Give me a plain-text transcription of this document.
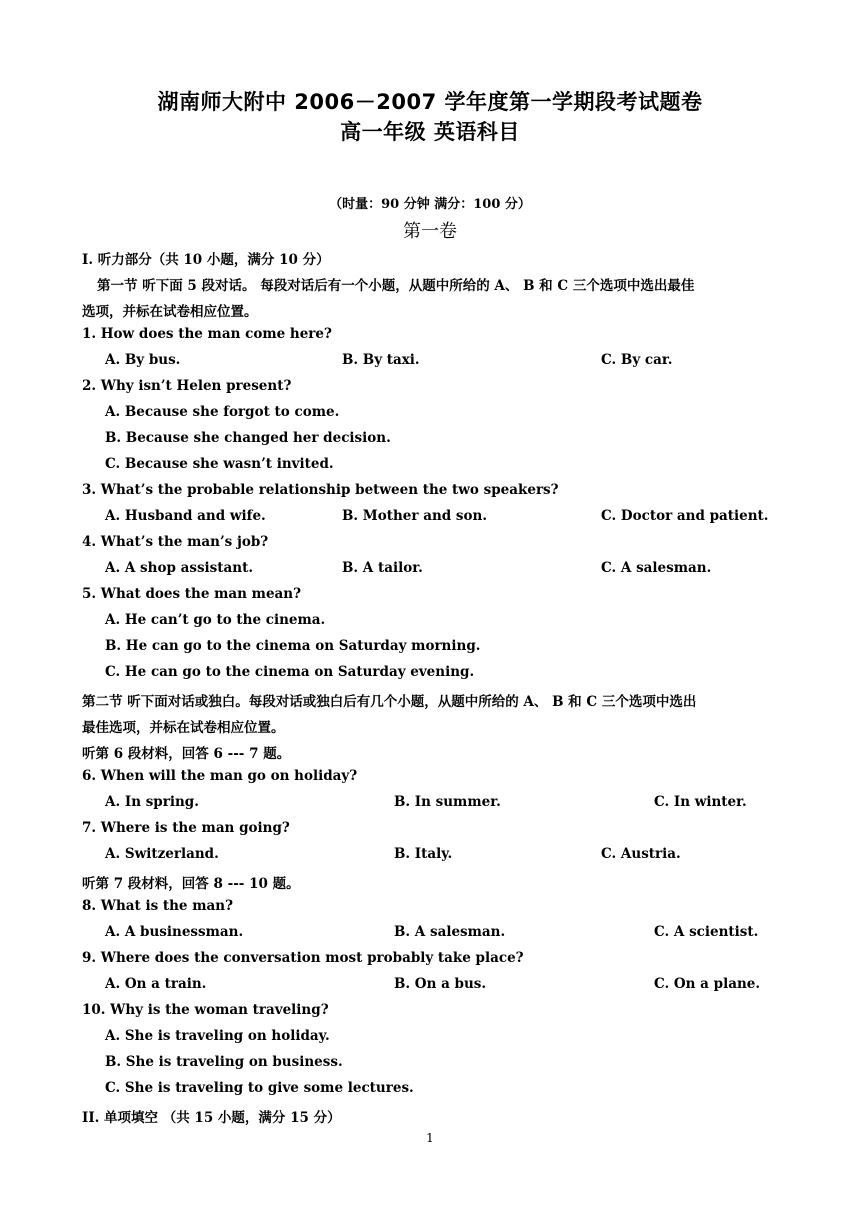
湖南师大附中 2006－2007 学年度第一学期段考试题卷
高一年级 英语科目
（时量：90 分钟 满分：100 分）
第一卷
I. 听力部分（共 10 小题，满分 10 分）
第一节 听下面 5 段对话。 每段对话后有一个小题，从题中所给的 A、 B 和 C 三个选项中选出最佳
选项，并标在试卷相应位置。
1. How does the man come here?
A. By bus.	B. By taxi.	C. By car.
2. Why isn’t Helen present?
A. Because she forgot to come.
B. Because she changed her decision.
C. Because she wasn’t invited.
3. What’s the probable relationship between the two speakers?
A. Husband and wife.	B. Mother and son.	C. Doctor and patient.
4. What’s the man’s job?
A. A shop assistant.	B. A tailor.	C. A salesman.
5. What does the man mean?
A. He can’t go to the cinema.
B. He can go to the cinema on Saturday morning.
C. He can go to the cinema on Saturday evening.
第二节 听下面对话或独白。每段对话或独白后有几个小题，从题中所给的 A、 B 和 C 三个选项中选出
最佳选项，并标在试卷相应位置。
听第 6 段材料，回答 6 --- 7 题。
6. When will the man go on holiday?
A. In spring.	B. In summer.	C. In winter.
7. Where is the man going?
A. Switzerland.	B. Italy.	C. Austria.
听第 7 段材料，回答 8 --- 10 题。
8. What is the man?
A. A businessman.	B. A salesman.	C. A scientist.
9. Where does the conversation most probably take place?
A. On a train.	B. On a bus.	C. On a plane.
10. Why is the woman traveling?
A. She is traveling on holiday.
B. She is traveling on business.
C. She is traveling to give some lectures.
II. 单项填空 （共 15 小题，满分 15 分）
1
